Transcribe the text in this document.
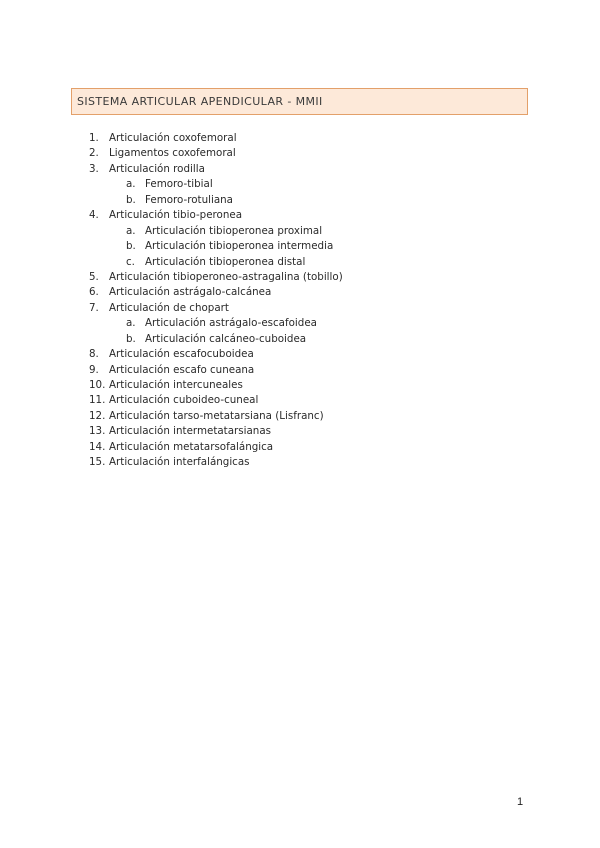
SISTEMA ARTICULAR APENDICULAR - MMII
1. Articulación coxofemoral
2. Ligamentos coxofemoral
3. Articulación rodilla
a. Femoro-tibial
b. Femoro-rotuliana
4. Articulación tibio-peronea
a. Articulación tibioperonea proximal
b. Articulación tibioperonea intermedia
c. Articulación tibioperonea distal
5. Articulación tibioperoneo-astragalina (tobillo)
6. Articulación astrágalo-calcánea
7. Articulación de chopart
a. Articulación astrágalo-escafoidea
b. Articulación calcáneo-cuboidea
8. Articulación escafocuboidea
9. Articulación escafo cuneana
10. Articulación intercuneales
11. Articulación cuboideo-cuneal
12. Articulación tarso-metatarsiana (Lisfranc)
13. Articulación intermetatarsianas
14. Articulación metatarsofalángica
15. Articulación interfalángicas
1
